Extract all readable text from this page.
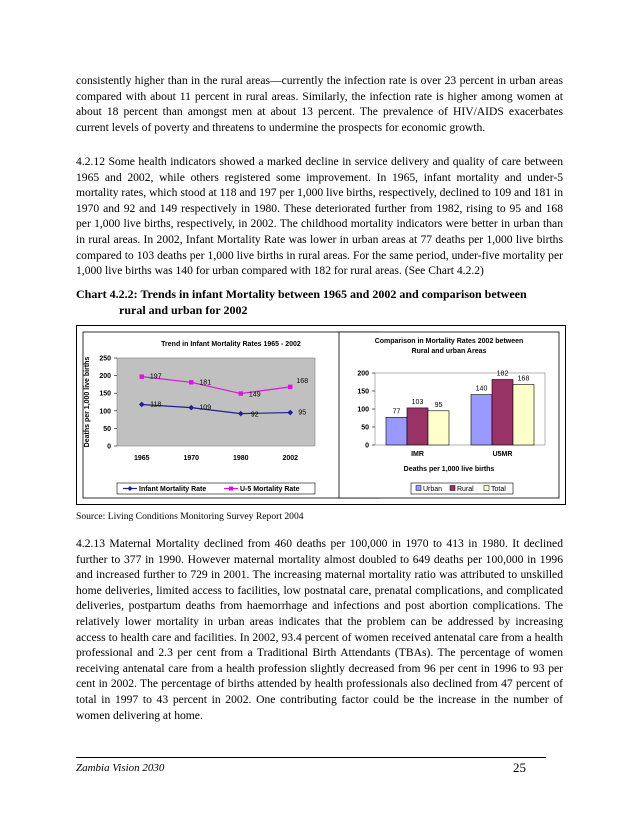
consistently higher than in the rural areas—currently the infection rate is over 23 percent in urban areas compared with about 11 percent in rural areas. Similarly, the infection rate is higher among women at about 18 percent than amongst men at about 13 percent. The prevalence of HIV/AIDS exacerbates current levels of poverty and threatens to undermine the prospects for economic growth.

4.2.12 Some health indicators showed a marked decline in service delivery and quality of care between 1965 and 2002, while others registered some improvement. In 1965, infant mortality and under-5 mortality rates, which stood at 118 and 197 per 1,000 live births, respectively, declined to 109 and 181 in 1970 and 92 and 149 respectively in 1980. These deteriorated further from 1982, rising to 95 and 168 per 1,000 live births, respectively, in 2002. The childhood mortality indicators were better in urban than in rural areas. In 2002, Infant Mortality Rate was lower in urban areas at 77 deaths per 1,000 live births compared to 103 deaths per 1,000 live births in rural areas. For the same period, under-five mortality per 1,000 live births was 140 for urban compared with 182 for rural areas. (See Chart 4.2.2)

Chart 4.2.2: Trends in infant Mortality between 1965 and 2002 and comparison between
rural and urban for 2002
Trend in Infant Mortality Rates 1965 - 2002
0
50
100
150
200
250
Deaths per 1,000 live births
1965	1970	1980	2002
118	109
92	95
197
181
149
168
Infant Mortality Rate	U-5 Mortality Rate
Comparison in Mortality Rates 2002 between
Rural and urban Areas
0
50
100
150
200
IMR
77
103 95
U5MR
140
182
168
Deaths per 1,000 live births
Urban Rural Total
Source: Living Conditions Monitoring Survey Report 2004

4.2.13 Maternal Mortality declined from 460 deaths per 100,000 in 1970 to 413 in 1980. It declined further to 377 in 1990. However maternal mortality almost doubled to 649 deaths per 100,000 in 1996 and increased further to 729 in 2001. The increasing maternal mortality ratio was attributed to unskilled home deliveries, limited access to facilities, low postnatal care, prenatal complications, and complicated deliveries, postpartum deaths from haemorrhage and infections and post abortion complications. The relatively lower mortality in urban areas indicates that the problem can be addressed by increasing access to health care and facilities. In 2002, 93.4 percent of women received antenatal care from a health professional and 2.3 per cent from a Traditional Birth Attendants (TBAs). The percentage of women receiving antenatal care from a health profession slightly decreased from 96 per cent in 1996 to 93 per cent in 2002. The percentage of births attended by health professionals also declined from 47 percent of total in 1997 to 43 percent in 2002. One contributing factor could be the increase in the number of women delivering at home.

Zambia Vision 2030	25
